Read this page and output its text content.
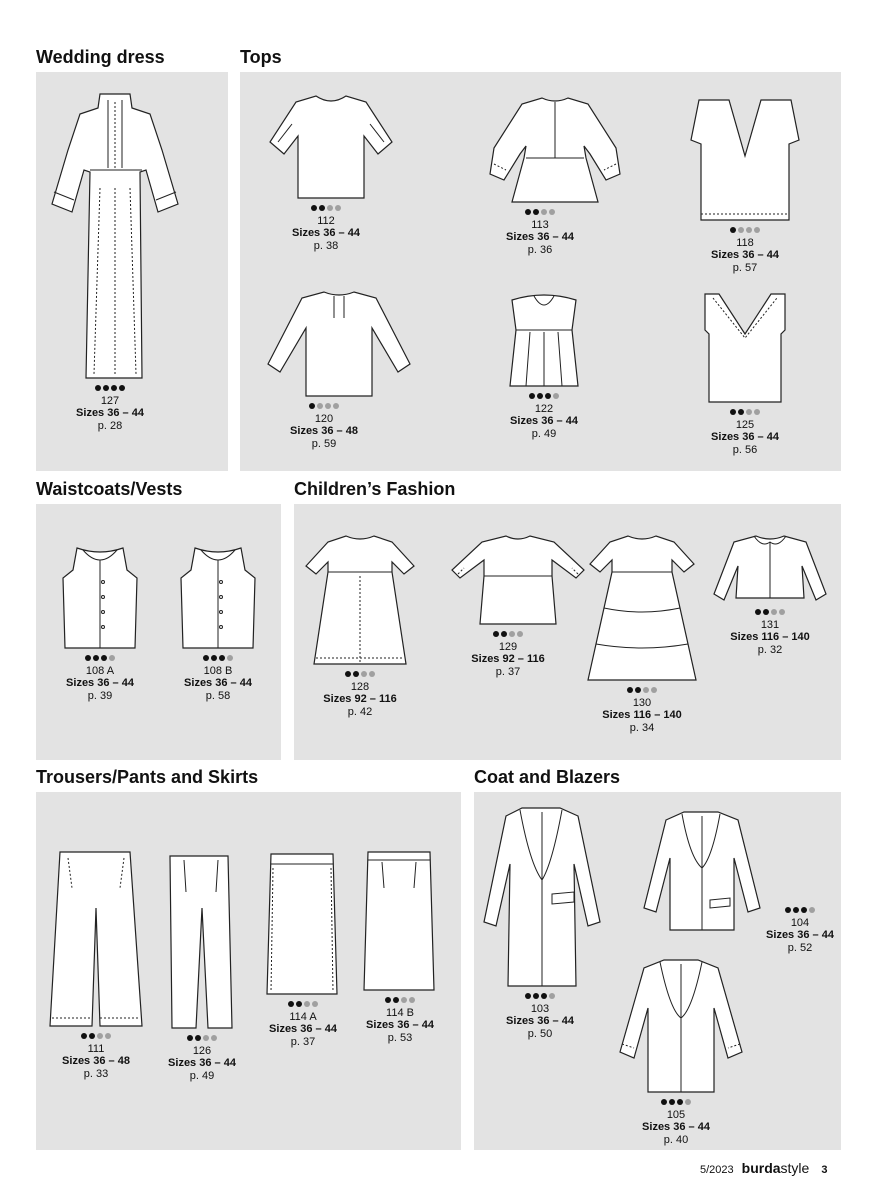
Wedding dress	Tops
Waistcoats/Vests	Children’s Fashion
Trousers/Pants and Skirts	Coat and Blazers
127
Sizes 36 – 44
p. 28
112
Sizes 36 – 44
p. 38
113
Sizes 36 – 44
p. 36
118
Sizes 36 – 44
p. 57
120
Sizes 36 – 48
p. 59
122
Sizes 36 – 44
p. 49
125
Sizes 36 – 44
p. 56
108 A
Sizes 36 – 44
p. 39
108 B
Sizes 36 – 44
p. 58
128
Sizes 92 – 116
p. 42
129
Sizes 92 – 116
p. 37
130
Sizes 116 – 140
p. 34
131
Sizes 116 – 140
p. 32
111
Sizes 36 – 48
p. 33
126
Sizes 36 – 44
p. 49
114 A
Sizes 36 – 44
p. 37
114 B
Sizes 36 – 44
p. 53
103
Sizes 36 – 44
p. 50
104
Sizes 36 – 44
p. 52
105
Sizes 36 – 44
p. 40
5/2023 burdastyle 3
